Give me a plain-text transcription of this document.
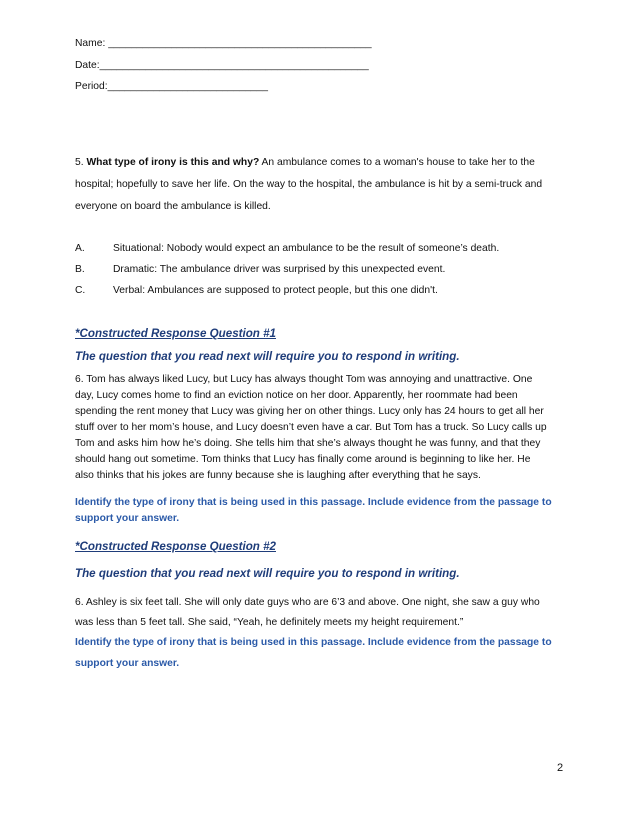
Name: ______________________________________________
Date:_______________________________________________
Period:____________________________
5. What type of irony is this and why? An ambulance comes to a woman's house to take her to the
hospital; hopefully to save her life. On the way to the hospital, the ambulance is hit by a semi-truck and
everyone on board the ambulance is killed.
A.	Situational: Nobody would expect an ambulance to be the result of someone’s death.
B.	Dramatic: The ambulance driver was surprised by this unexpected event.
C.	Verbal: Ambulances are supposed to protect people, but this one didn't.
*Constructed Response Question #1
The question that you read next will require you to respond in writing.
6. Tom has always liked Lucy, but Lucy has always thought Tom was annoying and unattractive. One
day, Lucy comes home to find an eviction notice on her door. Apparently, her roommate had been
spending the rent money that Lucy was giving her on other things. Lucy only has 24 hours to get all her
stuff over to her mom’s house, and Lucy doesn’t even have a car. But Tom has a truck. So Lucy calls up
Tom and asks him how he’s doing. She tells him that she’s always thought he was funny, and that they
should hang out sometime. Tom thinks that Lucy has finally come around is beginning to like her. He
also thinks that his jokes are funny because she is laughing after everything that he says.
Identify the type of irony that is being used in this passage. Include evidence from the passage to
support your answer.
*Constructed Response Question #2
The question that you read next will require you to respond in writing.
6. Ashley is six feet tall. She will only date guys who are 6’3 and above. One night, she saw a guy who
was less than 5 feet tall. She said, “Yeah, he definitely meets my height requirement.”
Identify the type of irony that is being used in this passage. Include evidence from the passage to
support your answer.
2
